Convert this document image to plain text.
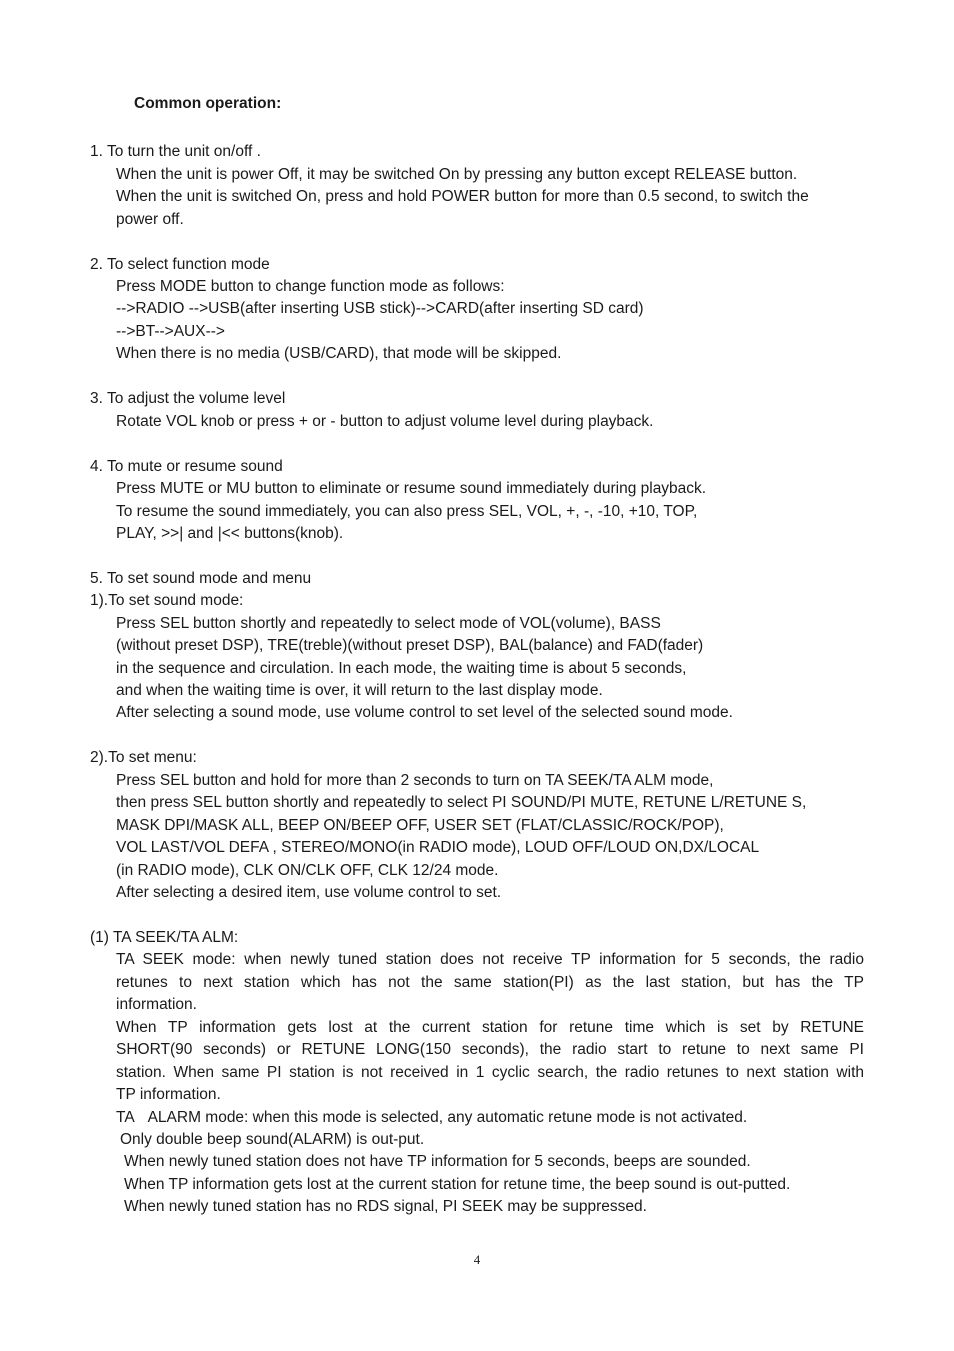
Common operation:

1. To turn the unit on/off .

When the unit is power Off, it may be switched On by pressing any button except RELEASE button.

When the unit is switched On, press and hold POWER button for more than 0.5 second, to switch the

power off.

2. To select function mode

Press MODE button to change function mode as follows:

-->RADIO -->USB(after inserting USB stick)-->CARD(after inserting SD card)

-->BT-->AUX-->

When there is no media (USB/CARD), that mode will be skipped.

3. To adjust the volume level

Rotate VOL knob or press + or - button to adjust volume level during playback.

4. To mute or resume sound

Press MUTE or MU button to eliminate or resume sound immediately during playback.

To resume the sound immediately, you can also press SEL, VOL, +, -, -10, +10, TOP,

PLAY, >>| and |<< buttons(knob).

5. To set sound mode and menu

1).To set sound mode:

Press SEL button shortly and repeatedly to select mode of VOL(volume), BASS

(without preset DSP), TRE(treble)(without preset DSP), BAL(balance) and FAD(fader)

in the sequence and circulation. In each mode, the waiting time is about 5 seconds,

and when the waiting time is over, it will return to the last display mode.

After selecting a sound mode, use volume control to set level of the selected sound mode.

2).To set menu:

Press SEL button and hold for more than 2 seconds to turn on TA SEEK/TA ALM mode,

then press SEL button shortly and repeatedly to select PI SOUND/PI MUTE, RETUNE L/RETUNE S,

MASK DPI/MASK ALL, BEEP ON/BEEP OFF, USER SET (FLAT/CLASSIC/ROCK/POP),

VOL LAST/VOL DEFA , STEREO/MONO(in RADIO mode), LOUD OFF/LOUD ON,DX/LOCAL

(in RADIO mode), CLK ON/CLK OFF, CLK 12/24 mode.

After selecting a desired item, use volume control to set.

(1) TA SEEK/TA ALM:

TA SEEK mode: when newly tuned station does not receive TP information for 5 seconds, the radio

retunes to next station which has not the same station(PI) as the last station, but has the TP

information.

When TP information gets lost at the current station for retune time which is set by RETUNE

SHORT(90 seconds) or RETUNE LONG(150 seconds), the radio start to retune to next same PI

station. When same PI station is not received in 1 cyclic search, the radio retunes to next station with

TP information.

TA   ALARM mode: when this mode is selected, any automatic retune mode is not activated.

Only double beep sound(ALARM) is out-put.

When newly tuned station does not have TP information for 5 seconds, beeps are sounded.

When TP information gets lost at the current station for retune time, the beep sound is out-putted.

When newly tuned station has no RDS signal, PI SEEK may be suppressed.

4
